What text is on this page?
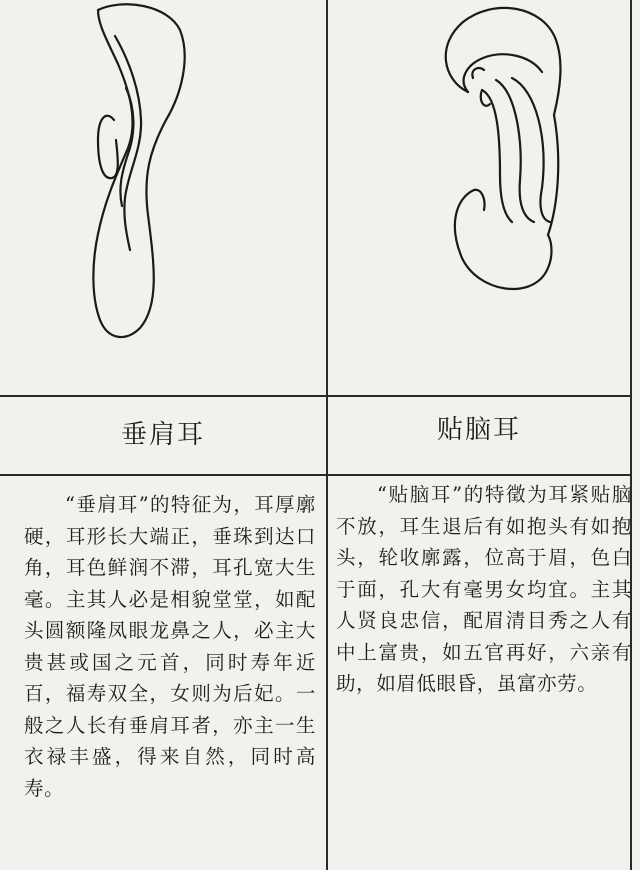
垂肩耳	贴脑耳
“垂肩耳”的特征为，耳厚廓硬，耳形长大端正，垂珠到达口角，耳色鲜润不滞，耳孔宽大生毫。主其人必是相貌堂堂，如配头圆额隆凤眼龙鼻之人，必主大贵甚或国之元首，同时寿年近百，福寿双全，女则为后妃。一般之人长有垂肩耳者，亦主一生衣禄丰盛，得来自然，同时高寿。
“贴脑耳”的特徵为耳紧贴脑不放，耳生退后有如抱头有如抱头，轮收廓露，位高于眉，色白于面，孔大有毫男女均宜。主其人贤良忠信，配眉清目秀之人有中上富贵，如五官再好，六亲有助，如眉低眼昏，虽富亦劳。
